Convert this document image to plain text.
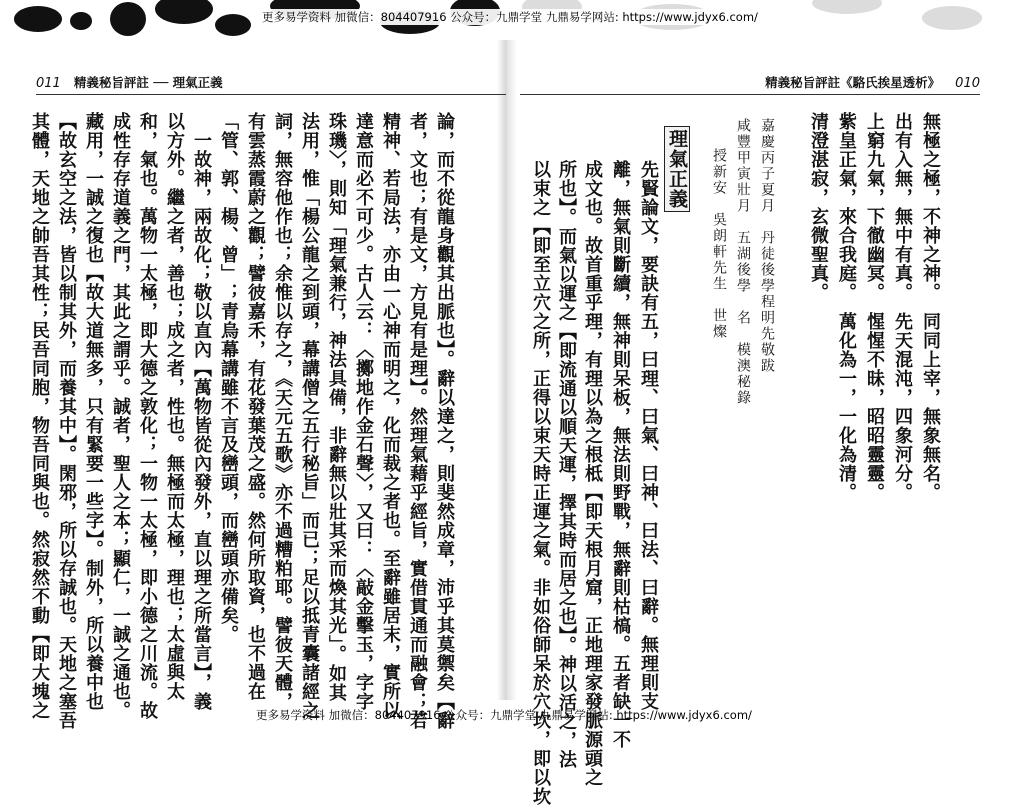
更多易学资料 加微信：804407916 公众号：九鼎学堂 九鼎易学网站: https://www.jdyx6.com/
011 精義秘旨評註 ── 理氣正義	精義秘旨評註《駱氏挨星透析》 010
清澄湛寂，玄微聖真。 紫皇正氣，來合我庭。　萬化為一，一化為清。 上窮九氣，下徹幽冥。　惺惺不昧，昭昭靈靈。 出有入無，無中有真。　先天混沌，四象河分。 無極之極，不神之神。　同同上宰，無象無名。
嘉慶丙子夏月　丹徒後學程明先敬跋
咸豐甲寅壯月　五湖後學　名　模澳秘錄
授新安　吳朗軒先生　世燦
理氣正義
先賢論文，要訣有五，曰理、曰氣、曰神、曰法、曰辭。無理則支
離，無氣則斷續，無神則呆板，無法則野戰，無辭則枯槁。五者缺一不
成文也。故首重乎理，有理以為之根柢【即天根月窟，正地理家發脈源頭之
所也】。而氣以運之【即流通以順天運，擇其時而居之也】。神以活之，法
以束之【即至立穴之所，正得以束天時正運之氣。非如俗師呆於穴坎，即以坎
論，而不從龍身觀其出脈也】。辭以達之，則斐然成章，沛乎其莫禦矣【辭
者，文也；有是文，方見有是理】。然理氣藉乎經旨，實借貫通而融會；若
精神、若局法，亦由一心神而明之，化而裁之者也。至辭雖居末，實所以
達意而必不可少。古人云：〈擲地作金石聲〉，又曰：〈敲金擊玉，字字
珠璣〉，則知「理氣兼行，神法具備，非辭無以壯其采而煥其光」。如其
法用，惟「楊公龍之到頭，幕講僧之五行秘旨」而已；足以抵青囊諸經之
詞，無容他作也；余惟以存之，《天元五歌》亦不過糟粕耶。譬彼天體，
有雲蒸霞蔚之觀；譬彼嘉禾，有花發葉茂之盛。然何所取資，也不過在
「管、郭、楊、曾」；青烏幕講雖不言及巒頭，而巒頭亦備矣。
　一故神，兩故化；敬以直內【萬物皆從內發外，直以理之所當言】，義
以方外。繼之者，善也；成之者，性也。無極而太極，理也；太虛與太
和，氣也。萬物一太極，即大德之敦化；一物一太極，即小德之川流。故
成性存存道義之門，其此之謂乎。誠者，聖人之本；顯仁，一誠之通也。
藏用，一誠之復也【故大道無多，只有緊要一些字】。制外，所以養中也
【故玄空之法，皆以制其外，而養其中】。閑邪，所以存誠也。天地之塞吾
其體，天地之帥吾其性；民吾同胞，物吾同與也。然寂然不動【即大塊之	更多易学资料 加微信：804407916 公众号：九鼎学堂 九鼎易学网站: https://www.jdyx6.com/
